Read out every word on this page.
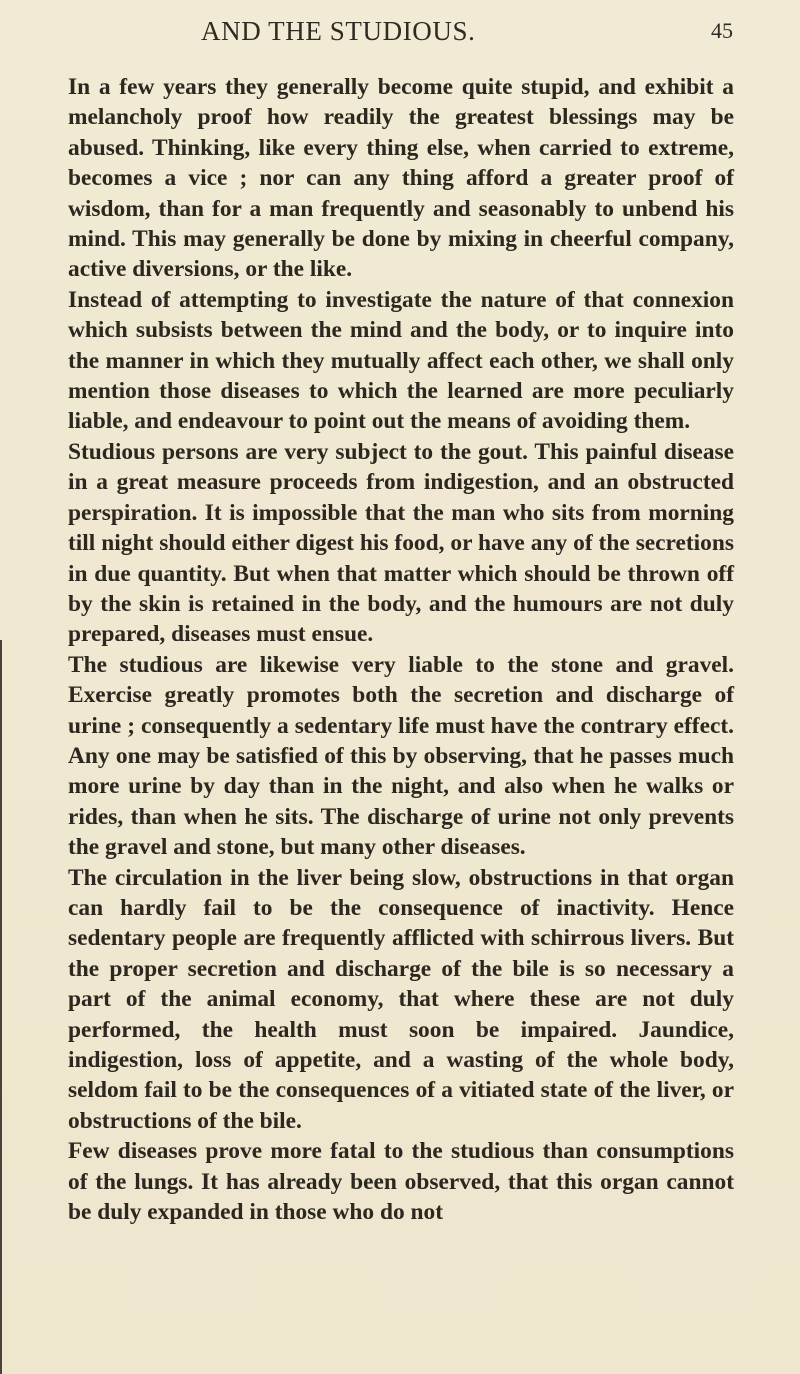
AND THE STUDIOUS.	45

In a few years they generally become quite stupid, and exhibit a melancholy proof how readily the greatest blessings may be abused. Thinking, like every thing else, when carried to extreme, becomes a vice ; nor can any thing afford a greater proof of wisdom, than for a man frequently and seasonably to unbend his mind. This may generally be done by mixing in cheerful company, active diversions, or the like.

Instead of attempting to investigate the nature of that connexion which subsists between the mind and the body, or to inquire into the manner in which they mutually affect each other, we shall only mention those diseases to which the learned are more peculiarly liable, and endeavour to point out the means of avoiding them.

Studious persons are very subject to the gout. This painful disease in a great measure proceeds from indigestion, and an obstructed perspiration. It is impossible that the man who sits from morning till night should either digest his food, or have any of the secretions in due quantity. But when that matter which should be thrown off by the skin is retained in the body, and the humours are not duly prepared, diseases must ensue.

The studious are likewise very liable to the stone and gravel. Exercise greatly promotes both the secretion and discharge of urine ; consequently a sedentary life must have the contrary effect. Any one may be satisfied of this by observing, that he passes much more urine by day than in the night, and also when he walks or rides, than when he sits. The discharge of urine not only prevents the gravel and stone, but many other diseases.

The circulation in the liver being slow, obstructions in that organ can hardly fail to be the consequence of inactivity. Hence sedentary people are frequently afflicted with schirrous livers. But the proper secretion and discharge of the bile is so necessary a part of the animal economy, that where these are not duly performed, the health must soon be impaired. Jaundice, indigestion, loss of appetite, and a wasting of the whole body, seldom fail to be the consequences of a vitiated state of the liver, or obstructions of the bile.

Few diseases prove more fatal to the studious than consumptions of the lungs. It has already been observed, that this organ cannot be duly expanded in those who do not
